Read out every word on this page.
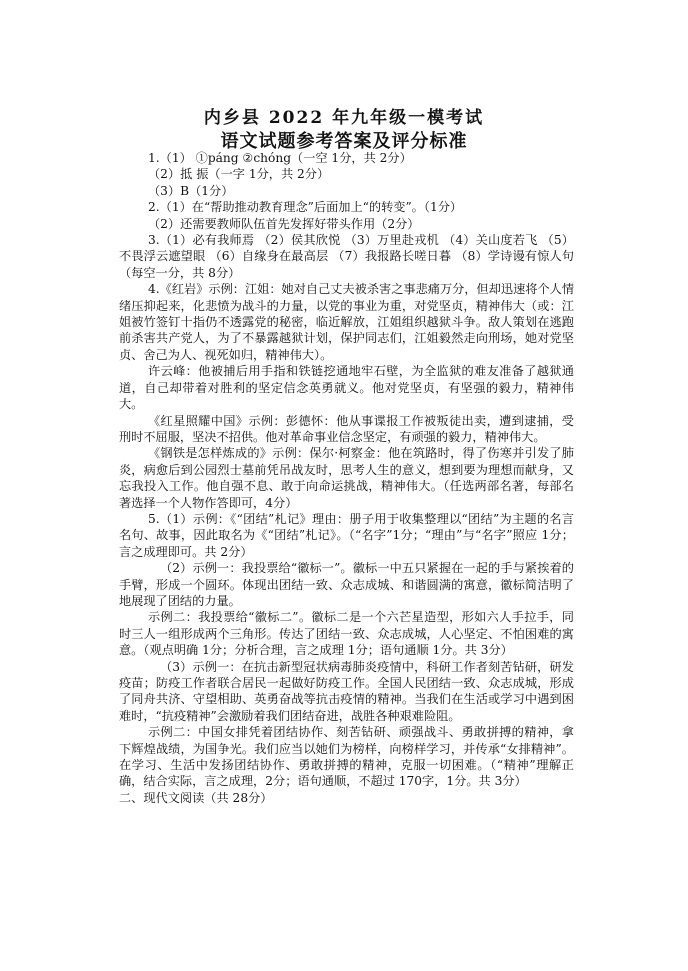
内乡县 2022 年九年级一模考试
语文试题参考答案及评分标准

1.（1） ①páng ②chóng（一空 1分，共 2分）

（2）抵 振（一字 1分，共 2分）

（3）B（1分）

2.（1）在“帮助推动教育理念”后面加上“的转变”。（1分）

（2）还需要教师队伍首先发挥好带头作用（2分）

3.（1）必有我师焉 （2）侯其欣悦 （3）万里赴戎机 （4）关山度若飞 （5）不畏浮云遮望眼 （6）自缘身在最高层 （7）我报路长嗟日暮 （8）学诗谩有惊人句（每空一分，共 8分）

4.《红岩》示例：江姐：她对自己丈夫被杀害之事悲痛万分，但却迅速将个人情绪压抑起来，化悲愤为战斗的力量，以党的事业为重，对党坚贞，精神伟大（或：江姐被竹签钉十指仍不透露党的秘密，临近解放，江姐组织越狱斗争。敌人策划在逃跑前杀害共产党人，为了不暴露越狱计划，保护同志们，江姐毅然走向刑场，她对党坚贞、舍己为人、视死如归，精神伟大）。

许云峰：他被捕后用手指和铁链挖通地牢石壁，为全监狱的难友准备了越狱通道，自己却带着对胜利的坚定信念英勇就义。他对党坚贞，有坚强的毅力，精神伟大。

《红星照耀中国》示例：彭德怀：他从事谍报工作被叛徒出卖，遭到逮捕，受刑时不屈服，坚决不招供。他对革命事业信念坚定，有顽强的毅力，精神伟大。

《钢铁是怎样炼成的》示例：保尔·柯察金：他在筑路时，得了伤寒并引发了肺炎，病愈后到公园烈士墓前凭吊战友时，思考人生的意义，想到要为理想而献身，又忘我投入工作。他自强不息、敢于向命运挑战，精神伟大。（任选两部名著，每部名著选择一个人物作答即可，4分）

5.（1）示例：《“团结”札记》理由：册子用于收集整理以“团结”为主题的名言名句、故事，因此取名为《“团结”札记》。（“名字”1分；“理由”与“名字”照应 1分；言之成理即可。共 2分）

（2）示例一：我投票给“徽标一”。徽标一中五只紧握在一起的手与紧挨着的手臂，形成一个圆环。体现出团结一致、众志成城、和谐圆满的寓意，徽标简洁明了地展现了团结的力量。

示例二：我投票给“徽标二”。徽标二是一个六芒星造型，形如六人手拉手，同时三人一组形成两个三角形。传达了团结一致、众志成城，人心坚定、不怕困难的寓意。（观点明确 1分；分析合理，言之成理 1分；语句通顺 1分。共 3分）

（3）示例一：在抗击新型冠状病毒肺炎疫情中，科研工作者刻苦钻研，研发疫苗；防疫工作者联合居民一起做好防疫工作。全国人民团结一致、众志成城，形成了同舟共济、守望相助、英勇奋战等抗击疫情的精神。当我们在生活或学习中遇到困难时，“抗疫精神”会激励着我们团结奋进，战胜各种艰难险阻。

示例二：中国女排凭着团结协作、刻苦钻研、顽强战斗、勇敢拼搏的精神，拿下辉煌战绩，为国争光。我们应当以她们为榜样，向榜样学习，并传承“女排精神”。在学习、生活中发扬团结协作、勇敢拼搏的精神，克服一切困难。（“精神”理解正确，结合实际，言之成理，2分；语句通顺，不超过 170字，1分。共 3分）

二、现代文阅读（共 28分）
